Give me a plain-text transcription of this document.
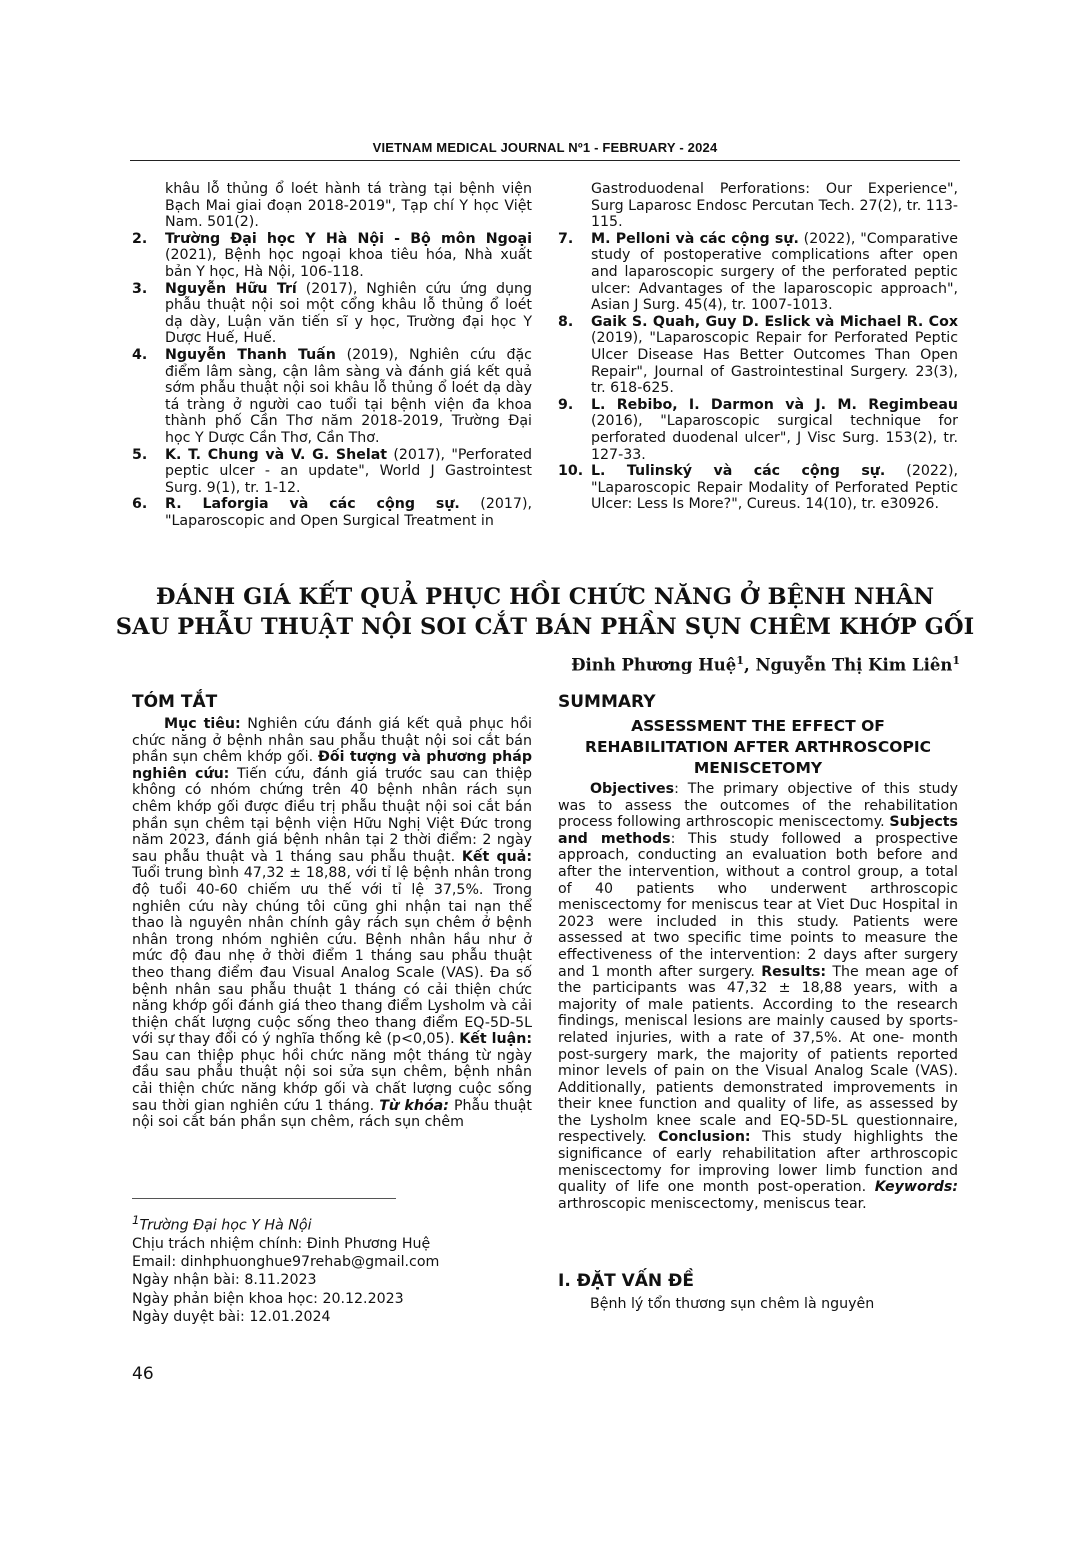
VIETNAM MEDICAL JOURNAL Nº1 - FEBRUARY - 2024

khâu lỗ thủng ổ loét hành tá tràng tại bệnh viện Bạch Mai giai đoạn 2018-2019", Tạp chí Y học Việt Nam. 501(2).

2.	Trường Đại học Y Hà Nội - Bộ môn Ngoại (2021), Bệnh học ngoại khoa tiêu hóa, Nhà xuất bản Y học, Hà Nội, 106-118.
3.	Nguyễn Hữu Trí (2017), Nghiên cứu ứng dụng phẫu thuật nội soi một cổng khâu lỗ thủng ổ loét dạ dày, Luận văn tiến sĩ y học, Trường đại học Y Dược Huế, Huế.
4.	Nguyễn Thanh Tuấn (2019), Nghiên cứu đặc điểm lâm sàng, cận lâm sàng và đánh giá kết quả sớm phẫu thuật nội soi khâu lỗ thủng ổ loét dạ dày tá tràng ở người cao tuổi tại bệnh viện đa khoa thành phố Cần Thơ năm 2018-2019, Trường Đại học Y Dược Cần Thơ, Cần Thơ.
5.	K. T. Chung và V. G. Shelat (2017), "Perforated peptic ulcer - an update", World J Gastrointest Surg. 9(1), tr. 1-12.
6.	R. Laforgia và các cộng sự. (2017), "Laparoscopic and Open Surgical Treatment in

Gastroduodenal Perforations: Our Experience", Surg Laparosc Endosc Percutan Tech. 27(2), tr. 113-115.

7.	M. Pelloni và các cộng sự. (2022), "Comparative study of postoperative complications after open and laparoscopic surgery of the perforated peptic ulcer: Advantages of the laparoscopic approach", Asian J Surg. 45(4), tr. 1007-1013.
8.	Gaik S. Quah, Guy D. Eslick và Michael R. Cox (2019), "Laparoscopic Repair for Perforated Peptic Ulcer Disease Has Better Outcomes Than Open Repair", Journal of Gastrointestinal Surgery. 23(3), tr. 618-625.
9.	L. Rebibo, I. Darmon và J. M. Regimbeau (2016), "Laparoscopic surgical technique for perforated duodenal ulcer", J Visc Surg. 153(2), tr. 127-33.
10. L. Tulinský và các cộng sự. (2022), "Laparoscopic Repair Modality of Perforated Peptic Ulcer: Less Is More?", Cureus. 14(10), tr. e30926.
ĐÁNH GIÁ KẾT QUẢ PHỤC HỒI CHỨC NĂNG Ở BỆNH NHÂN
SAU PHẪU THUẬT NỘI SOI CẮT BÁN PHẦN SỤN CHÊM KHỚP GỐI
Đinh Phương Huệ$^1$, Nguyễn Thị Kim Liên$^1$
TÓM TẮT

Mục tiêu: Nghiên cứu đánh giá kết quả phục hồi chức năng ở bệnh nhân sau phẫu thuật nội soi cắt bán phần sụn chêm khớp gối. Đối tượng và phương pháp nghiên cứu: Tiến cứu, đánh giá trước sau can thiệp không có nhóm chứng trên 40 bệnh nhân rách sụn chêm khớp gối được điều trị phẫu thuật nội soi cắt bán phần sụn chêm tại bệnh viện Hữu Nghị Việt Đức trong năm 2023, đánh giá bệnh nhân tại 2 thời điểm: 2 ngày sau phẫu thuật và 1 tháng sau phẫu thuật. Kết quả: Tuổi trung bình 47,32 ± 18,88, với tỉ lệ bệnh nhân trong độ tuổi 40-60 chiếm ưu thế với tỉ lệ 37,5%. Trong nghiên cứu này chúng tôi cũng ghi nhận tai nạn thể thao là nguyên nhân chính gây rách sụn chêm ở bệnh nhân trong nhóm nghiên cứu. Bệnh nhân hầu như ở mức độ đau nhẹ ở thời điểm 1 tháng sau phẫu thuật theo thang điểm đau Visual Analog Scale (VAS). Đa số bệnh nhân sau phẫu thuật 1 tháng có cải thiện chức năng khớp gối đánh giá theo thang điểm Lysholm và cải thiện chất lượng cuộc sống theo thang điểm EQ-5D-5L với sự thay đổi có ý nghĩa thống kê (p<0,05). Kết luận: Sau can thiệp phục hồi chức năng một tháng từ ngày đầu sau phẫu thuật nội soi sửa sụn chêm, bệnh nhân cải thiện chức năng khớp gối và chất lượng cuộc sống sau thời gian nghiên cứu 1 tháng. Từ khóa: Phẫu thuật nội soi cắt bán phần sụn chêm, rách sụn chêm

SUMMARY
ASSESSMENT THE EFFECT OF
REHABILITATION AFTER ARTHROSCOPIC
MENISCETOMY

Objectives: The primary objective of this study was to assess the outcomes of the rehabilitation process following arthroscopic meniscectomy. Subjects and methods: This study followed a prospective approach, conducting an evaluation both before and after the intervention, without a control group, a total of 40 patients who underwent arthroscopic meniscectomy for meniscus tear at Viet Duc Hospital in 2023 were included in this study. Patients were assessed at two specific time points to measure the effectiveness of the intervention: 2 days after surgery and 1 month after surgery. Results: The mean age of the participants was 47,32 ± 18,88 years, with a majority of male patients. According to the research findings, meniscal lesions are mainly caused by sports-related injuries, with a rate of 37,5%. At one- month post-surgery mark, the majority of patients reported minor levels of pain on the Visual Analog Scale (VAS). Additionally, patients demonstrated improvements in their knee function and quality of life, as assessed by the Lysholm knee scale and EQ-5D-5L questionnaire, respectively. Conclusion: This study highlights the significance of early rehabilitation after arthroscopic meniscectomy for improving lower limb function and quality of life one month post-operation. Keywords: arthroscopic meniscectomy, meniscus tear.

$^1$Trường Đại học Y Hà Nội
Chịu trách nhiệm chính: Đinh Phương Huệ
Email: dinhphuonghue97rehab@gmail.com
Ngày nhận bài: 8.11.2023
Ngày phản biện khoa học: 20.12.2023
Ngày duyệt bài: 12.01.2024
I. ĐẶT VẤN ĐỀ
Bệnh lý tổn thương sụn chêm là nguyên
46
